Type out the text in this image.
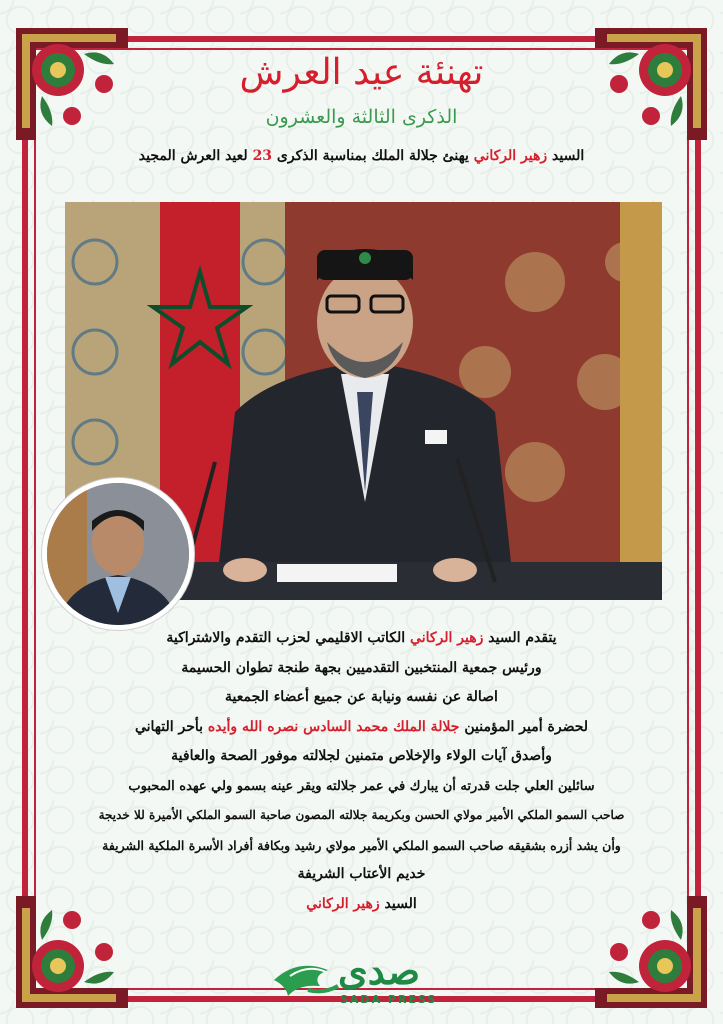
تهنئة عيد العرش
الذكرى الثالثة والعشرون
السيد زهير الركاني يهنئ جلالة الملك بمناسبة الذكرى 23 لعيد العرش المجيد
يتقدم السيد زهير الركاني الكاتب الاقليمي لحزب التقدم والاشتراكية
ورئيس جمعية المنتخبين التقدميين بجهة طنجة تطوان الحسيمة
اصالة عن نفسه ونيابة عن جميع أعضاء الجمعية
لحضرة أمير المؤمنين جلالة الملك محمد السادس نصره الله وأيده بأحر التهاني
وأصدق آيات الولاء والإخلاص متمنين لجلالته موفور الصحة والعافية
سائلين العلي جلت قدرته أن يبارك في عمر جلالته ويقر عينه بسمو ولي عهده المحبوب
صاحب السمو الملكي الأمير مولاي الحسن وبكريمة جلالته المصون صاحبة السمو الملكي الأميرة للا خديجة
وأن يشد أزره بشقيقه صاحب السمو الملكي الأمير مولاي رشيد وبكافة أفراد الأسرة الملكية الشريفة
خديم الأعتاب الشريفة
السيد زهير الركاني
صدى
SADA PRESS
